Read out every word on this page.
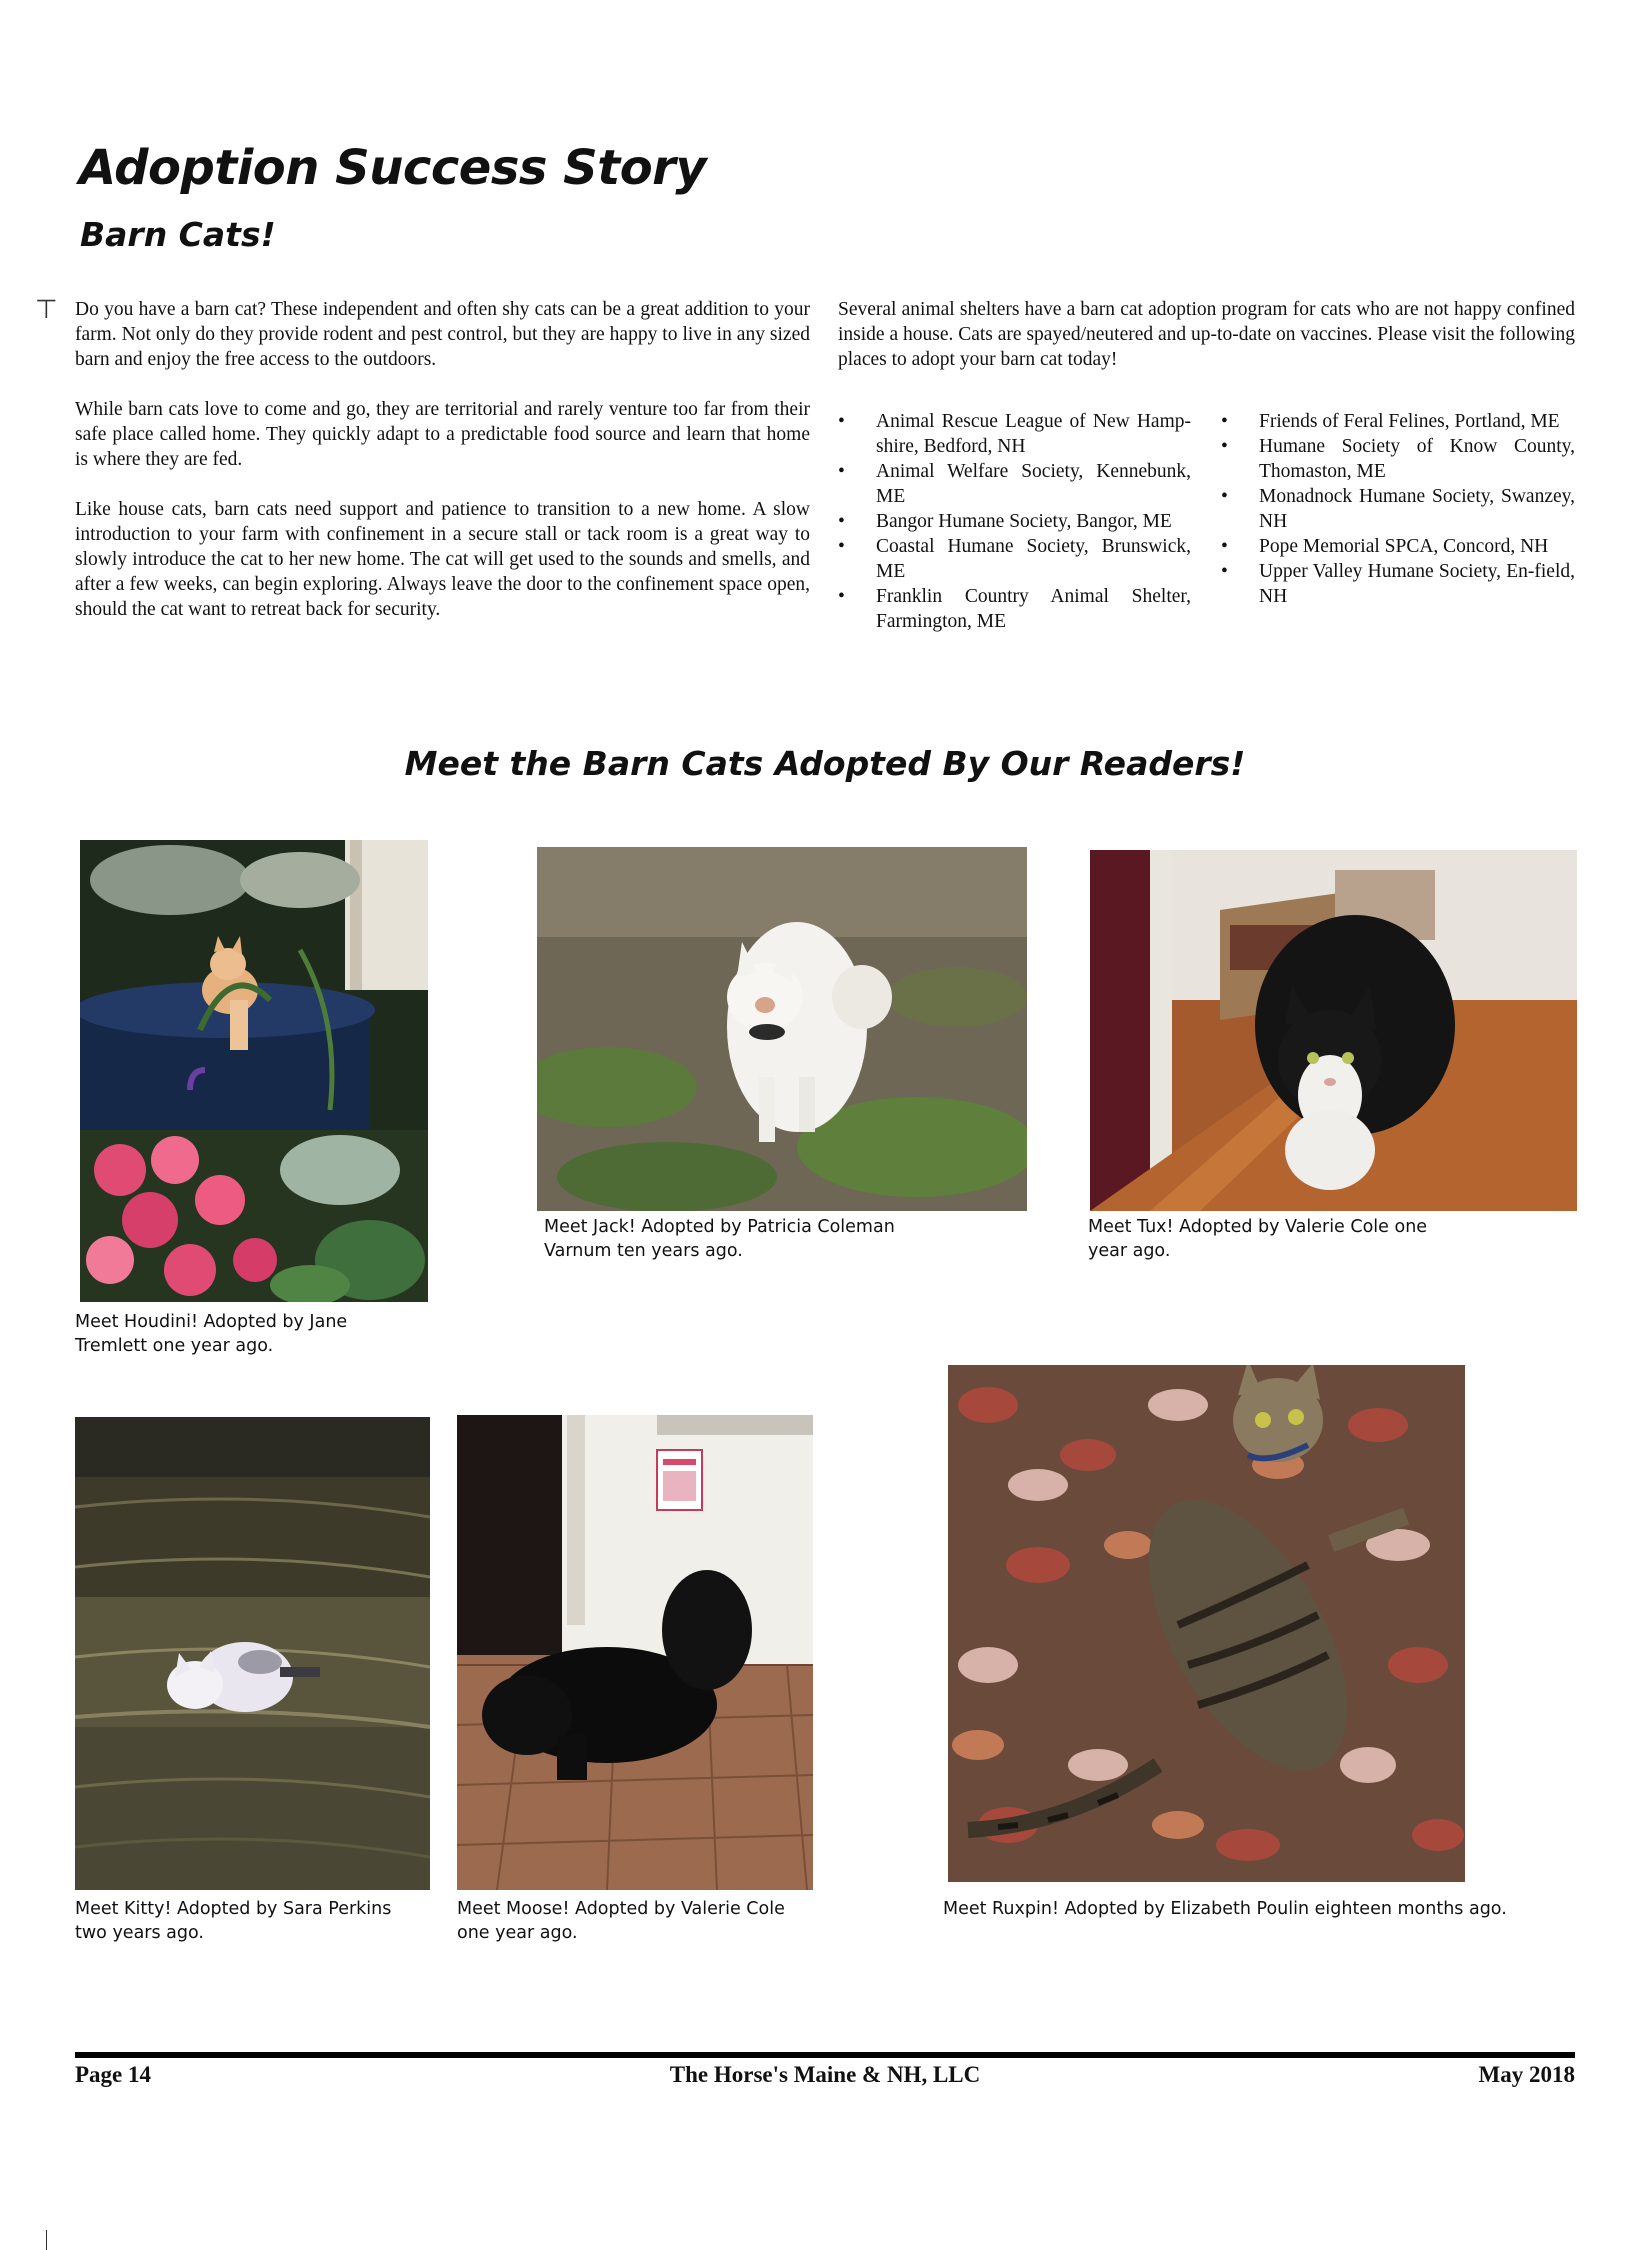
Adoption Success Story
Barn Cats!
⊤ Do you have a barn cat? These independent and often shy cats can be a great addition to your farm. Not only do they provide rodent and pest control, but they are happy to live in any sized barn and enjoy the free access to the outdoors.

While barn cats love to come and go, they are territorial and rarely venture too far from their safe place called home. They quickly adapt to a predictable food source and learn that home is where they are fed.

Like house cats, barn cats need support and patience to transition to a new home. A slow introduction to your farm with confinement in a secure stall or tack room is a great way to slowly introduce the cat to her new home. The cat will get used to the sounds and smells, and after a few weeks, can begin exploring. Always leave the door to the confinement space open, should the cat want to retreat back for security.

Several animal shelters have a barn cat adoption program for cats who are not happy confined inside a house. Cats are spayed/neutered and up-to-date on vaccines. Please visit the following places to adopt your barn cat today!

• Animal Rescue League of New Hamp-shire, Bedford, NH
• Animal Welfare Society, Kennebunk, ME
• Bangor Humane Society, Bangor, ME
• Coastal Humane Society, Brunswick, ME
• Franklin Country Animal Shelter, Farmington, ME
• Friends of Feral Felines, Portland, ME
• Humane Society of Know County, Thomaston, ME
• Monadnock Humane Society, Swanzey, NH
• Pope Memorial SPCA, Concord, NH
• Upper Valley Humane Society, En-field, NH
Meet the Barn Cats Adopted By Our Readers!
Meet Houdini! Adopted by Jane Tremlett one year ago.
Meet Jack! Adopted by Patricia Coleman Varnum ten years ago.
Meet Tux! Adopted by Valerie Cole one year ago.
Meet Kitty! Adopted by Sara Perkins two years ago.
Meet Moose! Adopted by Valerie Cole one year ago.
Meet Ruxpin! Adopted by Elizabeth Poulin eighteen months ago.
Page 14	The Horse's Maine & NH, LLC	May 2018
